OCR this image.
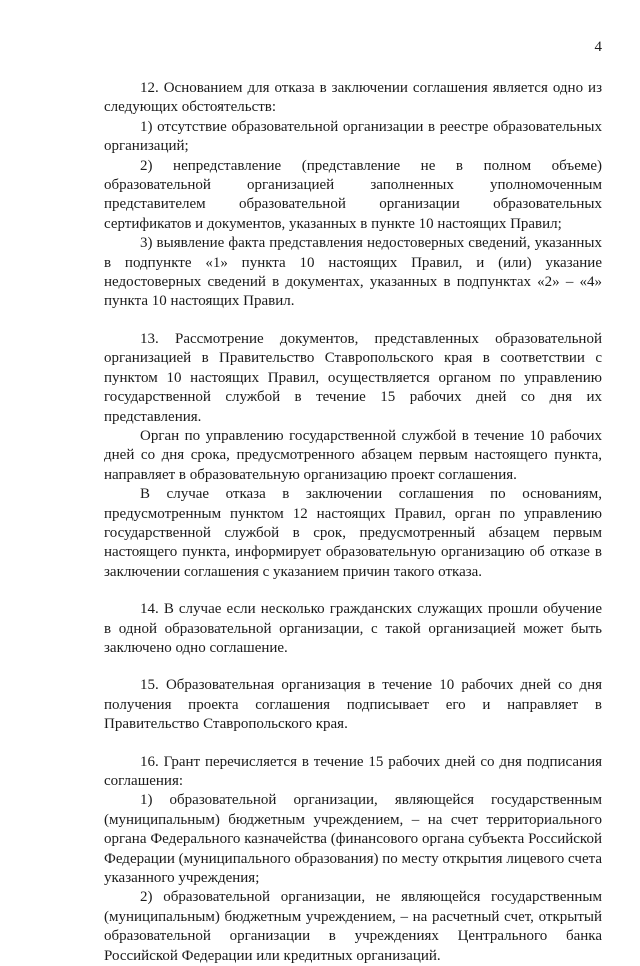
4

12. Основанием для отказа в заключении соглашения является одно из следующих обстоятельств:

1) отсутствие образовательной организации в реестре образовательных организаций;

2) непредставление (представление не в полном объеме) образовательной организацией заполненных уполномоченным представителем образовательной организации образовательных сертификатов и документов, указанных в пункте 10 настоящих Правил;

3) выявление факта представления недостоверных сведений, указанных в подпункте «1» пункта 10 настоящих Правил, и (или) указание недостоверных сведений в документах, указанных в подпунктах «2» – «4» пункта 10 настоящих Правил.

13. Рассмотрение документов, представленных образовательной организацией в Правительство Ставропольского края в соответствии с пунктом 10 настоящих Правил, осуществляется органом по управлению государственной службой в течение 15 рабочих дней со дня их представления.

Орган по управлению государственной службой в течение 10 рабочих дней со дня срока, предусмотренного абзацем первым настоящего пункта, направляет в образовательную организацию проект соглашения.

В случае отказа в заключении соглашения по основаниям, предусмотренным пунктом 12 настоящих Правил, орган по управлению государственной службой в срок, предусмотренный абзацем первым настоящего пункта, информирует образовательную организацию об отказе в заключении соглашения с указанием причин такого отказа.

14. В случае если несколько гражданских служащих прошли обучение в одной образовательной организации, с такой организацией может быть заключено одно соглашение.

15. Образовательная организация в течение 10 рабочих дней со дня получения проекта соглашения подписывает его и направляет в Правительство Ставропольского края.

16. Грант перечисляется в течение 15 рабочих дней со дня подписания соглашения:

1) образовательной организации, являющейся государственным (муниципальным) бюджетным учреждением, – на счет территориального органа Федерального казначейства (финансового органа субъекта Российской Федерации (муниципального образования) по месту открытия лицевого счета указанного учреждения;

2) образовательной организации, не являющейся государственным (муниципальным) бюджетным учреждением, – на расчетный счет, открытый образовательной организации в учреждениях Центрального банка Российской Федерации или кредитных организаций.
